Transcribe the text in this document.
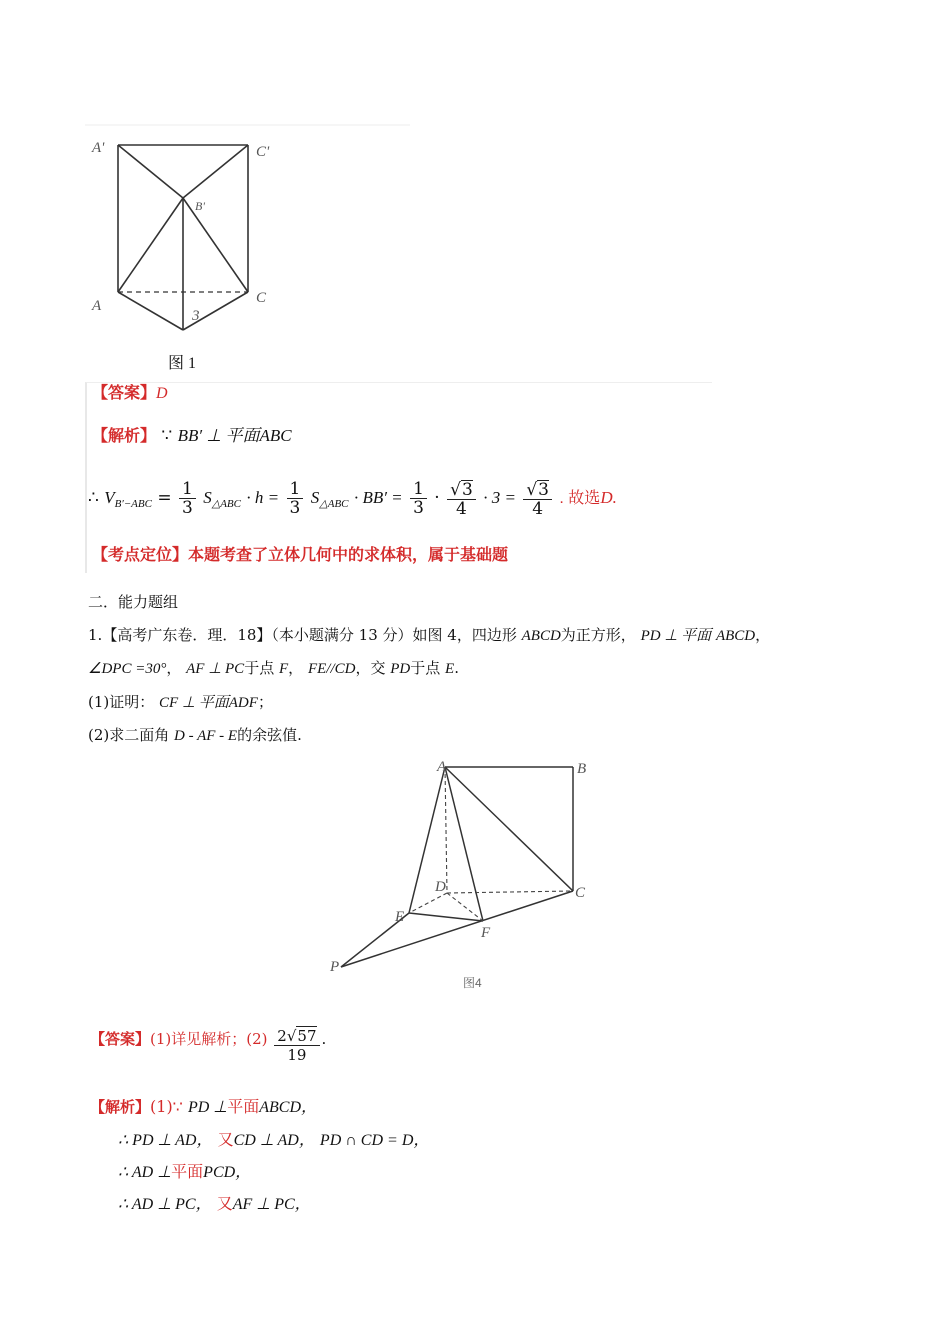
A'	C'
B'
A	C
3
图 1
【答案】D
【解析】 ∵ BB′ ⊥ 平面ABC
∴ $V_{B'-ABC} = \frac{1}{3} S_{\triangle ABC} \cdot h = \frac{1}{3} S_{\triangle ABC} \cdot BB' = \frac{1}{3} \cdot \frac{√3}{4} \cdot 3 = \frac{√3}{4}$ . 故选D.
【考点定位】本题考查了立体几何中的求体积，属于基础题
二．能力题组
1.【高考广东卷．理．18】（本小题满分 13 分）如图 4，四边形 ABCD为正方形， PD ⊥ 平面 ABCD，
∠DPC =30°， AF ⊥ PC于点 F， FE//CD，交 PD于点 E.
(1)证明： CF ⊥ 平面ADF；
(2)求二面角 D - AF - E的余弦值.
A	B
D	C
E
F
P
图4
【答案】(1)详见解析；$(2) \frac{2√57}{19}$ .
【解析】(1)∵ PD ⊥平面ABCD，
∴ PD ⊥ AD， 又CD ⊥ AD， PD ∩ CD = D，
∴ AD ⊥平面PCD，
∴ AD ⊥ PC， 又AF ⊥ PC，
